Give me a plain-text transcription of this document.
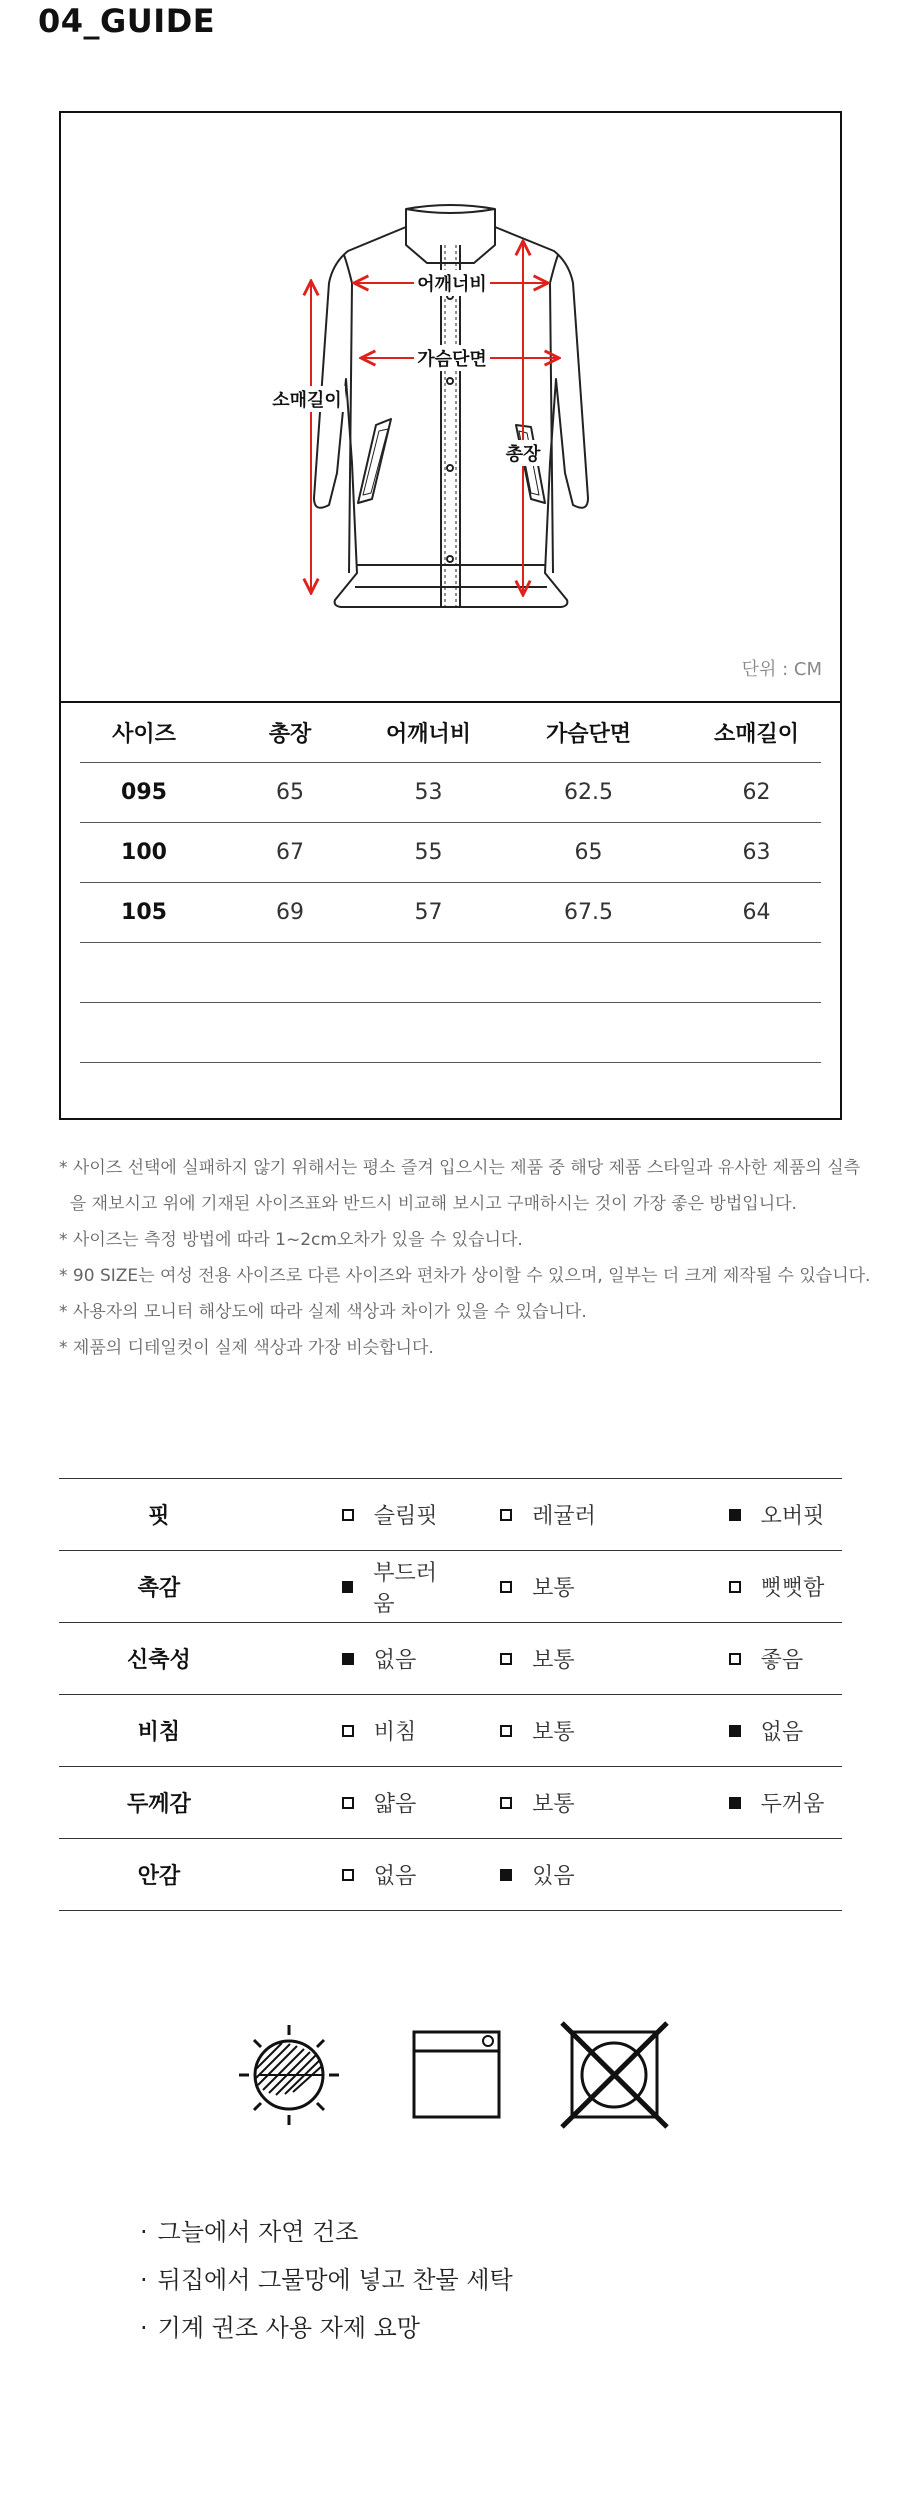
04_GUIDE
어깨너비
가슴단면
소매길이
총장
단위 : CM
사이즈	총장	어깨너비	가슴단면	소매길이
095	65	53	62.5	62
100	67	55	65	63
105	69	57	67.5	64

* 사이즈 선택에 실패하지 않기 위해서는 평소 즐겨 입으시는 제품 중 해당 제품 스타일과 유사한 제품의 실측
을 재보시고 위에 기재된 사이즈표와 반드시 비교해 보시고 구매하시는 것이 가장 좋은 방법입니다.
* 사이즈는 측정 방법에 따라 1~2cm오차가 있을 수 있습니다.
* 90 SIZE는 여성 전용 사이즈로 다른 사이즈와 편차가 상이할 수 있으며, 일부는 더 크게 제작될 수 있습니다.
* 사용자의 모니터 해상도에 따라 실제 색상과 차이가 있을 수 있습니다.
* 제품의 디테일컷이 실제 색상과 가장 비슷합니다.
핏	슬림핏	레귤러	오버핏

촉감	부드러움	보통	뻣뻣함

신축성	없음	보통	좋음

비침	비침	보통	없음

두께감	얇음	보통	두꺼움

안감	없음	있음	

· 그늘에서 자연 건조
· 뒤집에서 그물망에 넣고 찬물 세탁
· 기계 권조 사용 자제 요망
